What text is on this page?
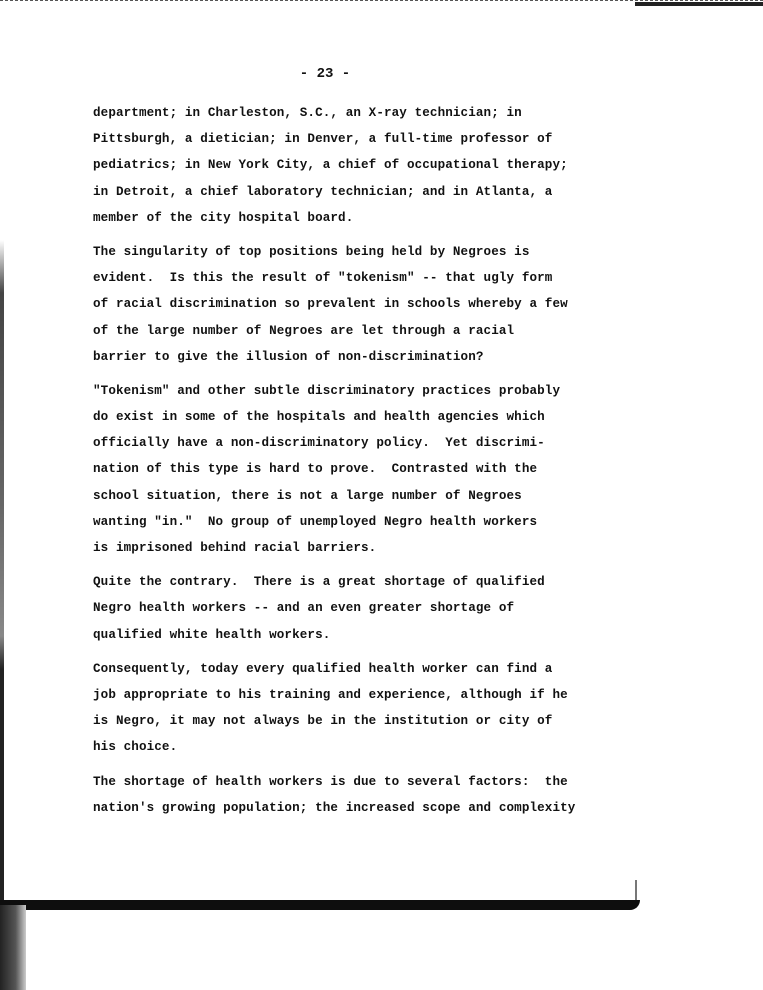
- 23 -
department; in Charleston, S.C., an X-ray technician; in
Pittsburgh, a dietician; in Denver, a full-time professor of
pediatrics; in New York City, a chief of occupational therapy;
in Detroit, a chief laboratory technician; and in Atlanta, a
member of the city hospital board.
The singularity of top positions being held by Negroes is
evident.  Is this the result of "tokenism" -- that ugly form
of racial discrimination so prevalent in schools whereby a few
of the large number of Negroes are let through a racial
barrier to give the illusion of non-discrimination?
"Tokenism" and other subtle discriminatory practices probably
do exist in some of the hospitals and health agencies which
officially have a non-discriminatory policy.  Yet discrimi-
nation of this type is hard to prove.  Contrasted with the
school situation, there is not a large number of Negroes
wanting "in."  No group of unemployed Negro health workers
is imprisoned behind racial barriers.
Quite the contrary.  There is a great shortage of qualified
Negro health workers -- and an even greater shortage of
qualified white health workers.
Consequently, today every qualified health worker can find a
job appropriate to his training and experience, although if he
is Negro, it may not always be in the institution or city of
his choice.
The shortage of health workers is due to several factors:  the
nation's growing population; the increased scope and complexity
